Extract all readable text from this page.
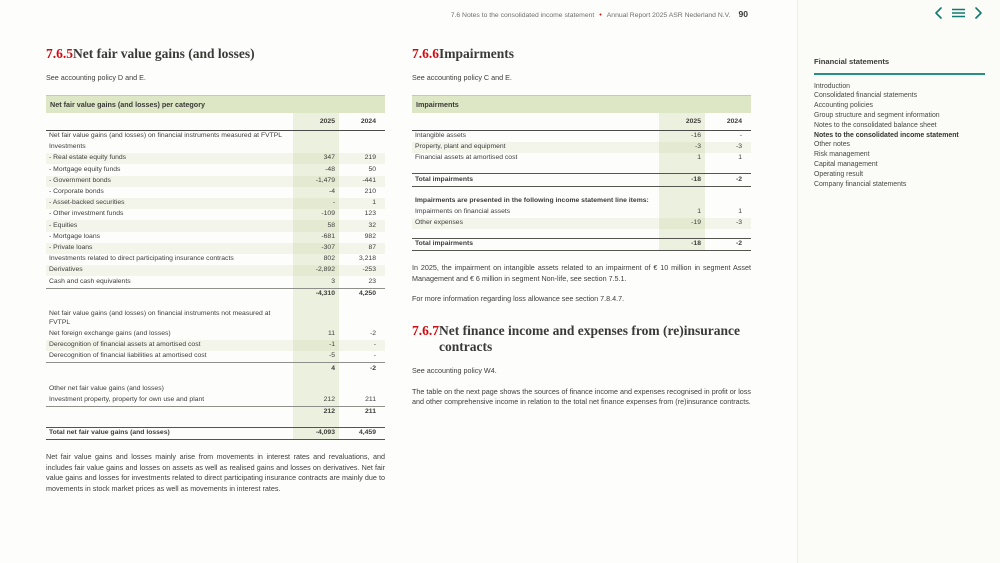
Financial statements
Introduction
Consolidated financial statements
Accounting policies
Group structure and segment information
Notes to the consolidated balance sheet
Notes to the consolidated income statement
Other notes
Risk management
Capital management
Operating result
Company financial statements
7.6 Notes to the consolidated income statement • Annual Report 2025 ASR Nederland N.V. 90
7.6.5 Net fair value gains (and losses)

See accounting policy D and E.

Net fair value gains (and losses) per category
2025	2024
Net fair value gains (and losses) on financial instruments measured at FVTPL
Investments
- Real estate equity funds	347	219
- Mortgage equity funds	-48	50
- Government bonds	-1,479	-441
- Corporate bonds	-4	210
- Asset-backed securities	-	1
- Other investment funds	-109	123
- Equities	58	32
- Mortgage loans	-681	982
- Private loans	-307	87
Investments related to direct participating insurance contracts	802	3,218
Derivatives	-2,892	-253
Cash and cash equivalents	3	23
-4,310	4,250
Net fair value gains (and losses) on financial instruments not measured at FVTPL
Net foreign exchange gains (and losses)	11	-2
Derecognition of financial assets at amortised cost	-1	-
Derecognition of financial liabilities at amortised cost	-5	-
4	-2
Other net fair value gains (and losses)
Investment property, property for own use and plant	212	211
212	211
Total net fair value gains (and losses)	-4,093	4,459

Net fair value gains and losses mainly arise from movements in interest rates and revaluations, and includes fair value gains and losses on assets as well as realised gains and losses on derivatives. Net fair value gains and losses for investments related to direct participating insurance contracts are mainly due to movements in stock market prices as well as movements in interest rates.

7.6.6 Impairments

See accounting policy C and E.

Impairments
2025	2024
Intangible assets	-16	-
Property, plant and equipment	-3	-3
Financial assets at amortised cost	1	1
Total impairments	-18	-2
Impairments are presented in the following income statement line items:
Impairments on financial assets	1	1
Other expenses	-19	-3
Total impairments	-18	-2

In 2025, the impairment on intangible assets related to an impairment of € 10 million in segment Asset Management and € 6 million in segment Non-life, see section 7.5.1.

For more information regarding loss allowance see section 7.8.4.7.

7.6.7 Net finance income and expenses from (re)insurance contracts

See accounting policy W4.

The table on the next page shows the sources of finance income and expenses recognised in profit or loss and other comprehensive income in relation to the total net finance expenses from (re)insurance contracts.
